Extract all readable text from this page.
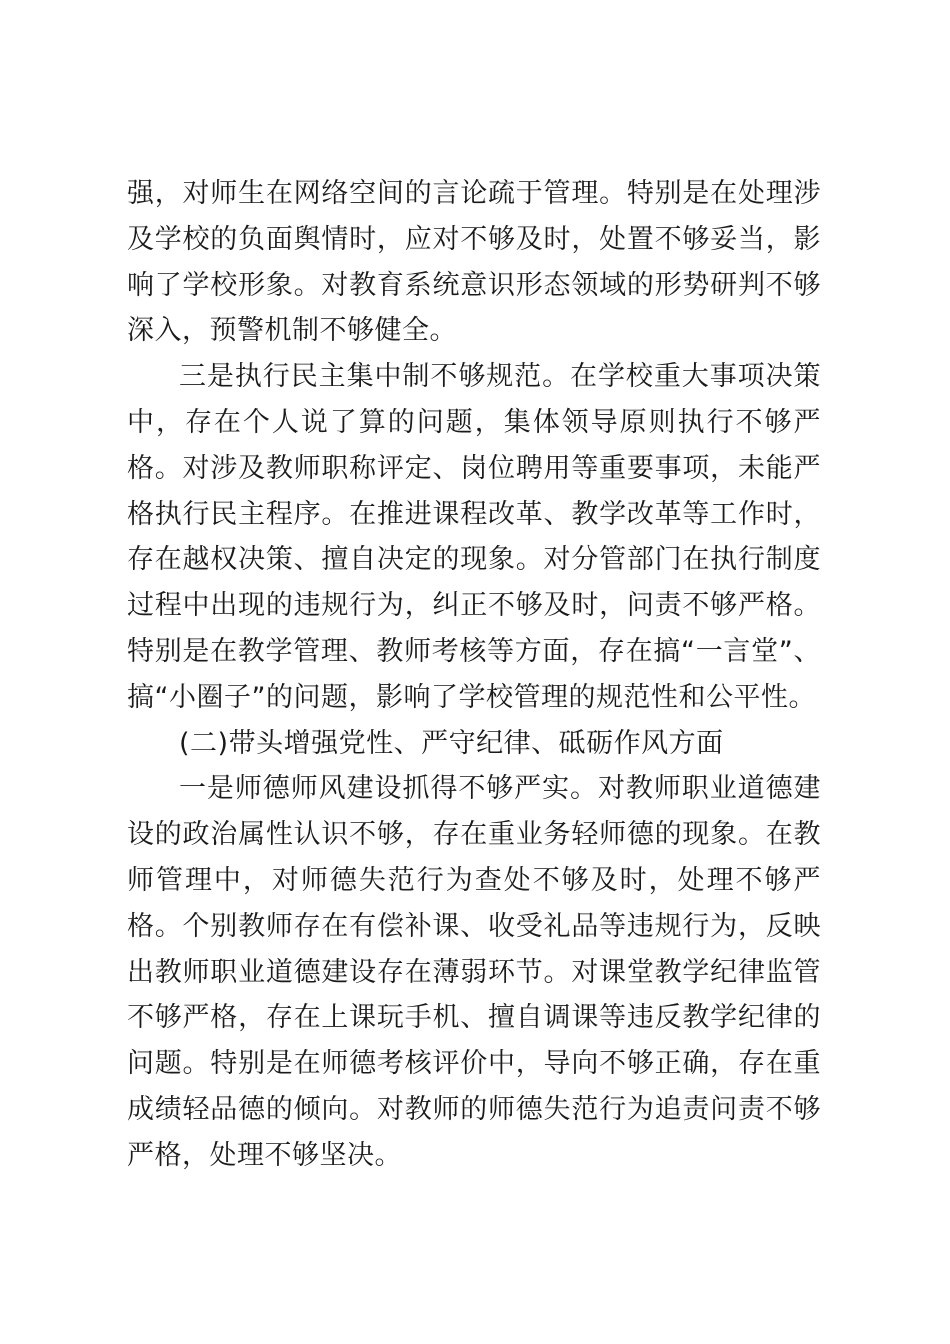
强，对师生在网络空间的言论疏于管理。特别是在处理涉及学校的负面舆情时，应对不够及时，处置不够妥当，影响了学校形象。对教育系统意识形态领域的形势研判不够深入，预警机制不够健全。

三是执行民主集中制不够规范。在学校重大事项决策中，存在个人说了算的问题，集体领导原则执行不够严格。对涉及教师职称评定、岗位聘用等重要事项，未能严格执行民主程序。在推进课程改革、教学改革等工作时，存在越权决策、擅自决定的现象。对分管部门在执行制度过程中出现的违规行为，纠正不够及时，问责不够严格。特别是在教学管理、教师考核等方面，存在搞“一言堂”、搞“小圈子”的问题，影响了学校管理的规范性和公平性。

(二)带头增强党性、严守纪律、砥砺作风方面

一是师德师风建设抓得不够严实。对教师职业道德建设的政治属性认识不够，存在重业务轻师德的现象。在教师管理中，对师德失范行为查处不够及时，处理不够严格。个别教师存在有偿补课、收受礼品等违规行为，反映出教师职业道德建设存在薄弱环节。对课堂教学纪律监管不够严格，存在上课玩手机、擅自调课等违反教学纪律的问题。特别是在师德考核评价中，导向不够正确，存在重成绩轻品德的倾向。对教师的师德失范行为追责问责不够严格，处理不够坚决。
